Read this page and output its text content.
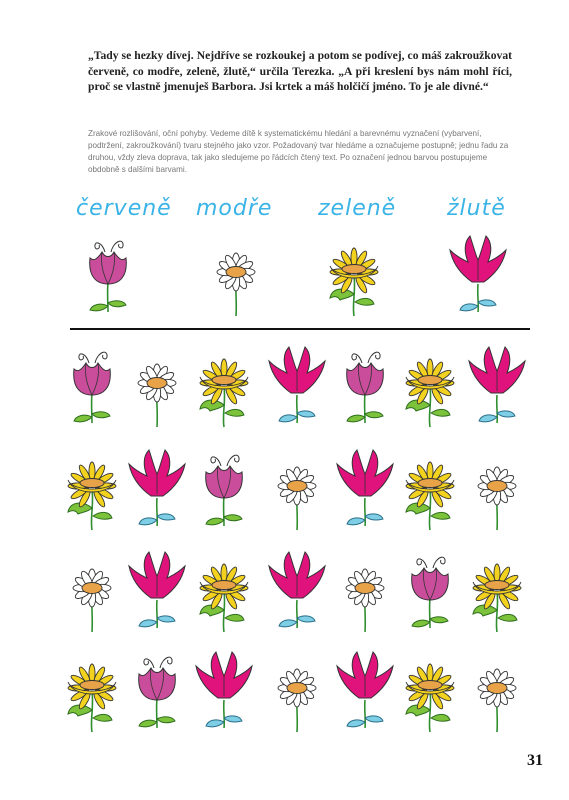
„Tady se hezky dívej. Nejdříve se rozkoukej a potom se podívej, co máš zakroužkovat červeně, co modře, zeleně, žlutě,“ určila Terezka. „A při kreslení bys nám mohl říci, proč se vlastně jmenuješ Barbora. Jsi krtek a máš holčičí jméno. To je ale divné.“
Zrakové rozlišování, oční pohyby. Vedeme dítě k systematickému hledání a barevnému vyznačení (vybarvení, podtržení, zakroužkování) tvaru stejného jako vzor. Požadovaný tvar hledáme a označujeme postupně; jednu řadu za druhou, vždy zleva doprava, tak jako sledujeme po řádcích čtený text. Po označení jednou barvou postupujeme obdobně s dalšími barvami.
červeně modře zeleně žlutě
31
